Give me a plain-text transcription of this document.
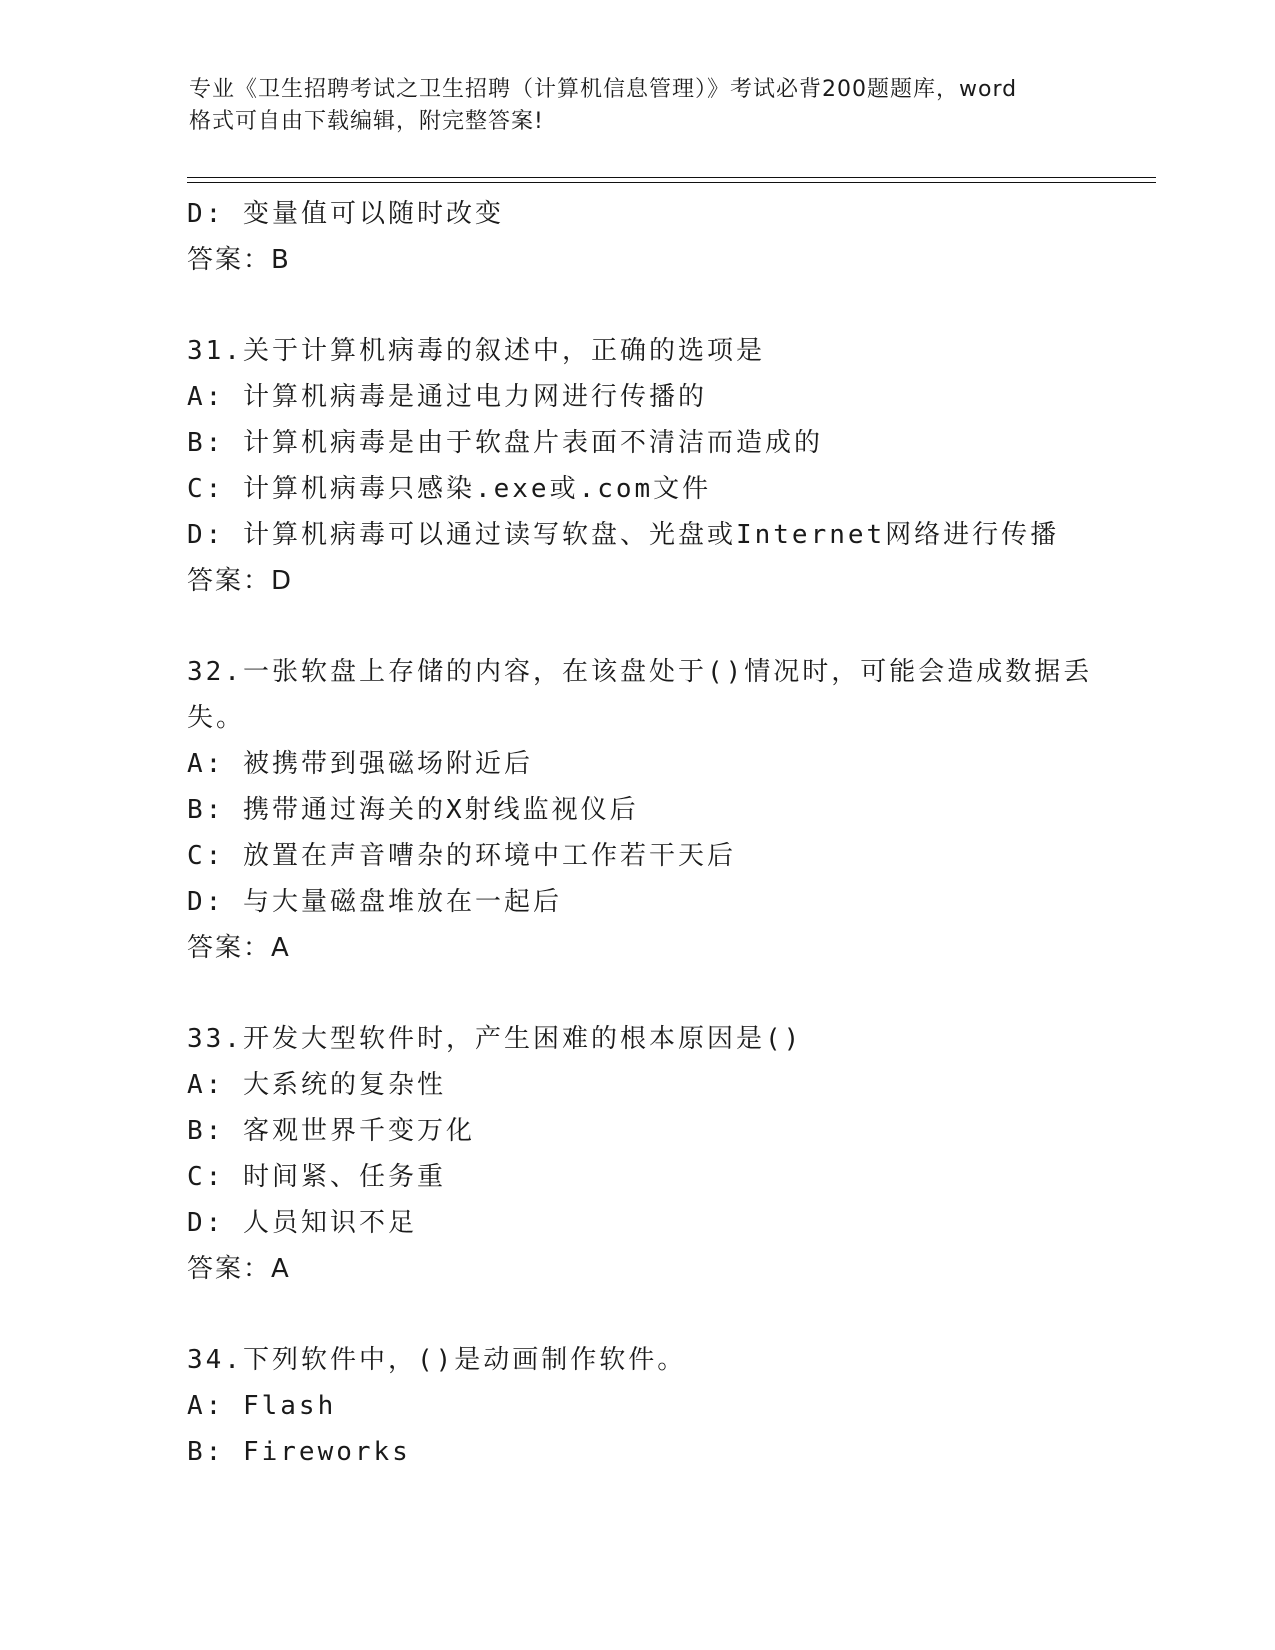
专业《卫生招聘考试之卫生招聘（计算机信息管理）》考试必背200题题库，word
格式可自由下载编辑，附完整答案!
D: 变量值可以随时改变
答案：B
31.关于计算机病毒的叙述中，正确的选项是
A: 计算机病毒是通过电力网进行传播的
B: 计算机病毒是由于软盘片表面不清洁而造成的
C: 计算机病毒只感染.exe或.com文件
D: 计算机病毒可以通过读写软盘、光盘或Internet网络进行传播
答案：D
32.一张软盘上存储的内容，在该盘处于()情况时，可能会造成数据丢
失。
A: 被携带到强磁场附近后
B: 携带通过海关的X射线监视仪后
C: 放置在声音嘈杂的环境中工作若干天后
D: 与大量磁盘堆放在一起后
答案：A
33.开发大型软件时，产生困难的根本原因是()
A: 大系统的复杂性
B: 客观世界千变万化
C: 时间紧、任务重
D: 人员知识不足
答案：A
34.下列软件中，()是动画制作软件。
A: Flash
B: Fireworks
